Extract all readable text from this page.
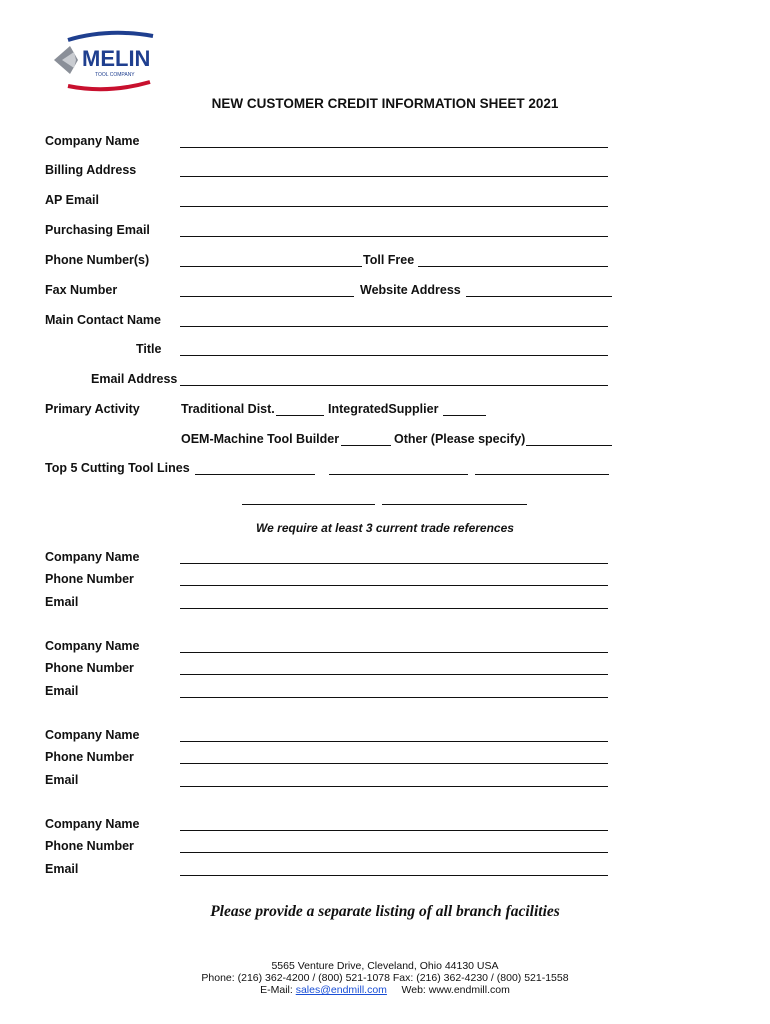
MELIN
TOOL COMPANY
NEW CUSTOMER CREDIT INFORMATION SHEET 2021
Company Name
Billing Address
AP Email
Purchasing Email
Phone Number(s)	Toll Free
Fax Number	Website Address
Main Contact Name
Title
Email Address
Primary Activity	Traditional Dist.	IntegratedSupplier
OEM-Machine Tool Builder	Other (Please specify)
Top 5 Cutting Tool Lines
We require at least 3 current trade references
Company Name
Phone Number
Email
Company Name
Phone Number
Email
Company Name
Phone Number
Email
Company Name
Phone Number
Email
Please provide a separate listing of all branch facilities
5565 Venture Drive, Cleveland, Ohio 44130 USA
Phone: (216) 362-4200 / (800) 521-1078 Fax: (216) 362-4230 / (800) 521-1558
E-Mail: sales@endmill.com Web: www.endmill.com
